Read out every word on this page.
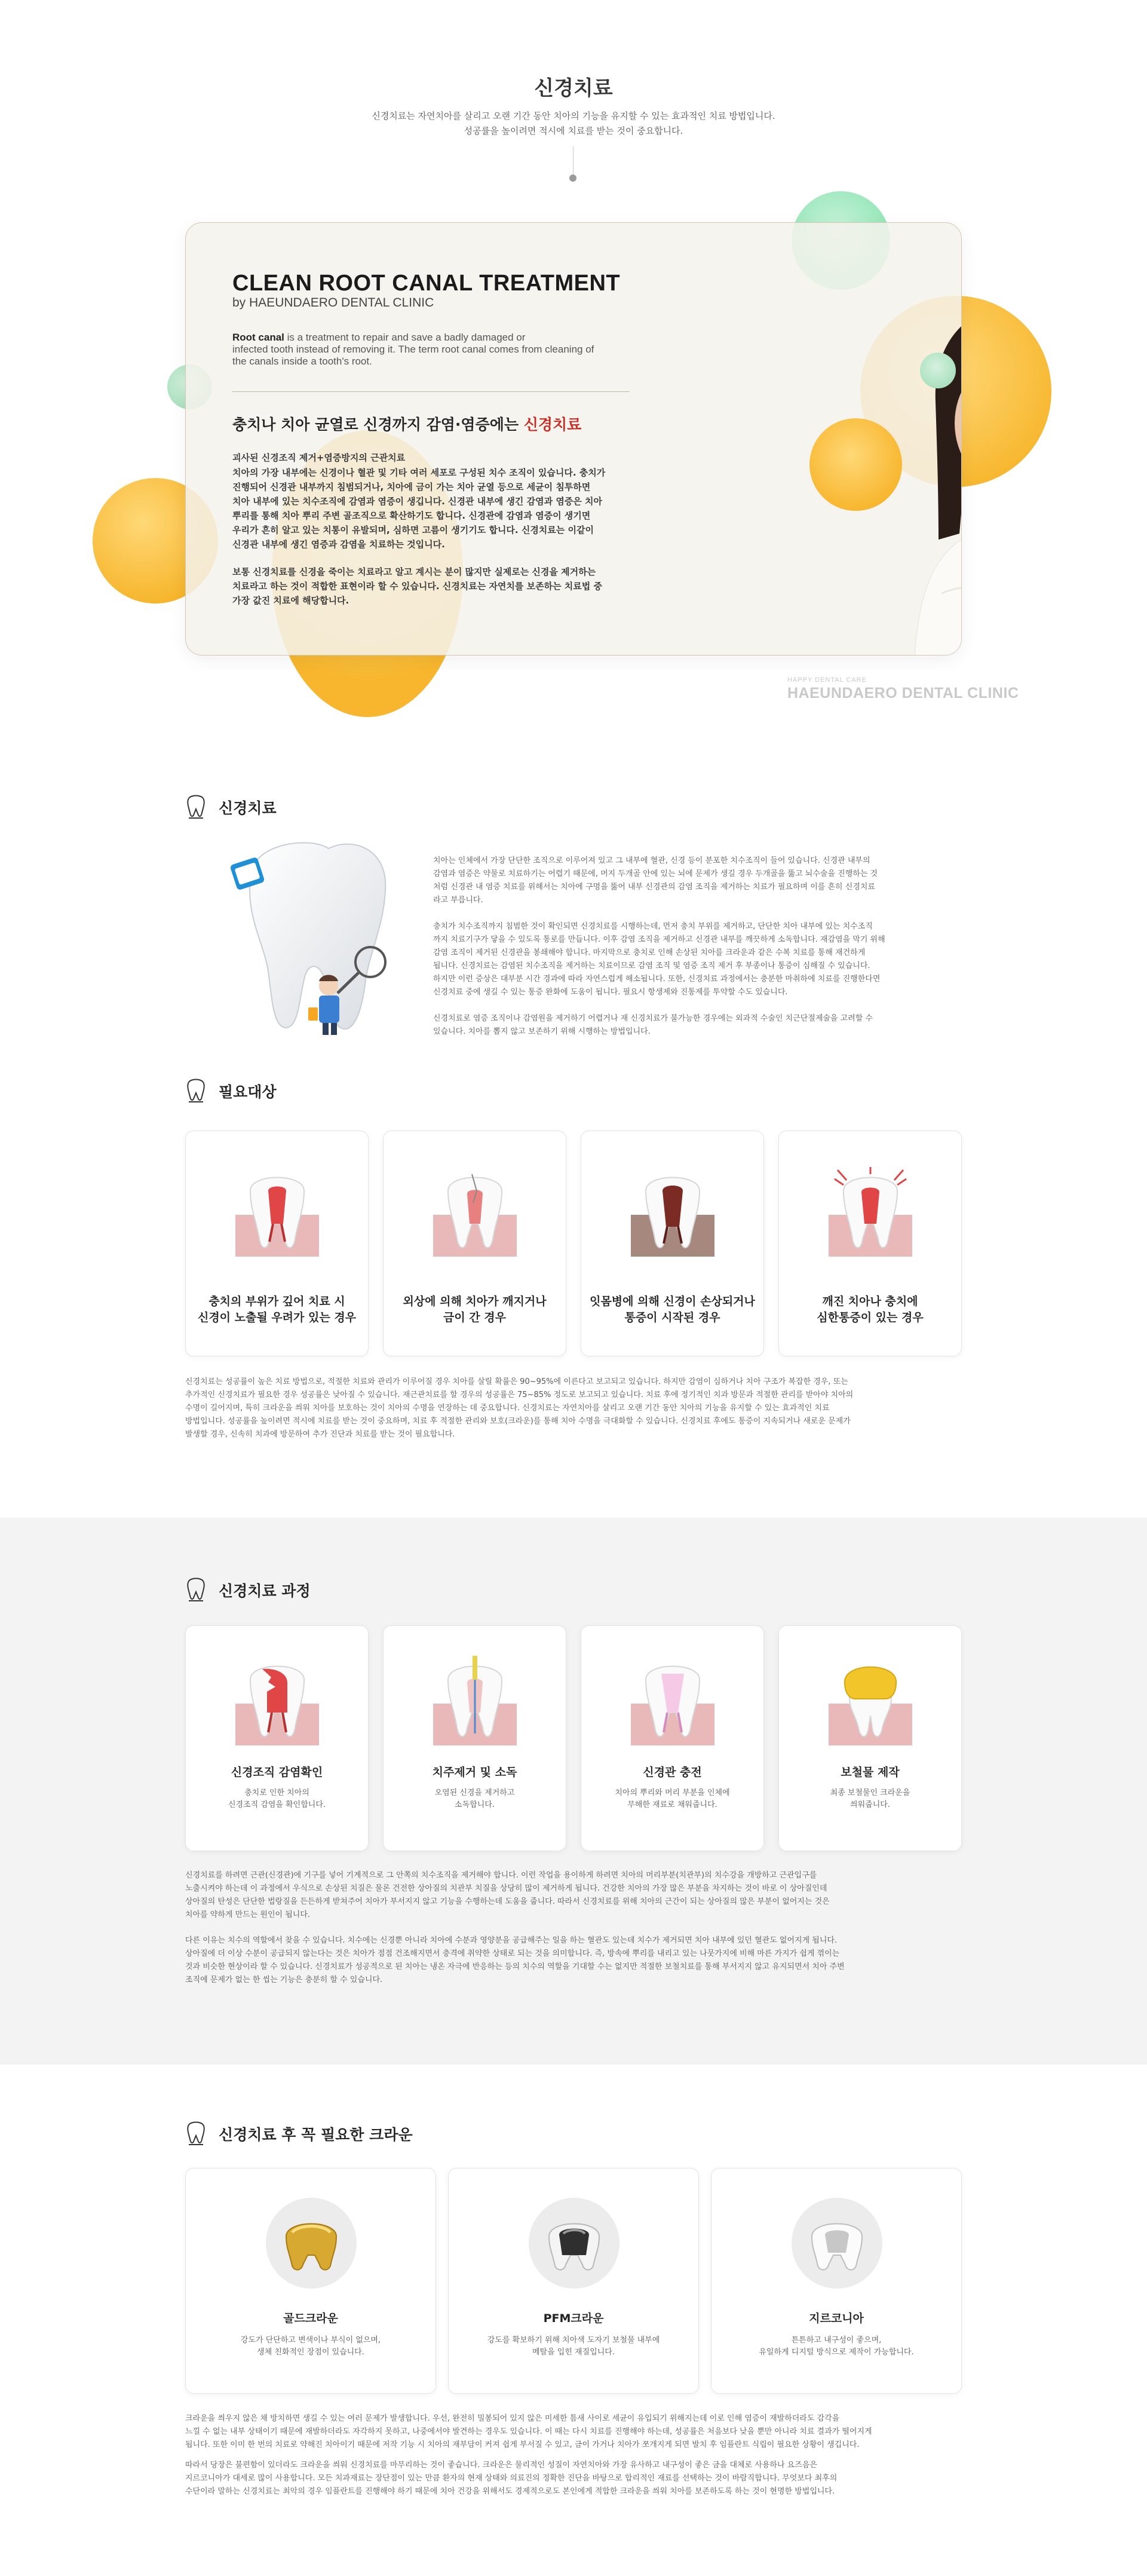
신경치료
신경치료는 자연치아를 살리고 오랜 기간 동안 치아의 기능을 유지할 수 있는 효과적인 치료 방법입니다.
성공률을 높이려면 적시에 치료를 받는 것이 중요합니다.
CLEAN ROOT CANAL TREATMENT
by HAEUNDAERO DENTAL CLINIC
Root canal is a treatment to repair and save a badly damaged or
infected tooth instead of removing it. The term root canal comes from cleaning of
the canals inside a tooth's root.
충치나 치아 균열로 신경까지 감염·염증에는 신경치료
괴사된 신경조직 제거+염증방지의 근관치료
치아의 가장 내부에는 신경이나 혈관 및 기타 여러 세포로 구성된 치수 조직이 있습니다. 충치가
진행되어 신경관 내부까지 침범되거나, 치아에 금이 가는 치아 균열 등으로 세균이 침투하면
치아 내부에 있는 치수조직에 감염과 염증이 생깁니다. 신경관 내부에 생긴 감염과 염증은 치아
뿌리를 통해 치아 뿌리 주변 골조직으로 확산하기도 합니다. 신경관에 감염과 염증이 생기면
우리가 흔히 알고 있는 치통이 유발되며, 심하면 고름이 생기기도 합니다. 신경치료는 이같이
신경관 내부에 생긴 염증과 감염을 치료하는 것입니다.
보통 신경치료를 신경을 죽이는 치료라고 알고 계시는 분이 많지만 실제로는 신경을 제거하는
치료라고 하는 것이 적합한 표현이라 할 수 있습니다. 신경치료는 자연치를 보존하는 치료법 중
가장 값진 치료에 해당합니다.
HAPPY DENTAL CARE
HAEUNDAERO DENTAL CLINIC
신경치료

치아는 인체에서 가장 단단한 조직으로 이루어져 있고 그 내부에 혈관, 신경 등이 분포한 치수조직이 들어 있습니다. 신경관 내부의
감염과 염증은 약물로 치료하기는 어렵기 때문에, 머지 두개골 안에 있는 뇌에 문제가 생길 경우 두개골을 뚫고 뇌수술을 진행하는 것
처럼 신경관 내 염증 치료를 위해서는 치아에 구멍을 뚫어 내부 신경관의 감염 조직을 제거하는 치료가 필요하며 이를 흔히 신경치료
라고 부릅니다.

충치가 치수조직까지 침범한 것이 확인되면 신경치료를 시행하는데, 먼저 충치 부위를 제거하고, 단단한 치아 내부에 있는 치수조직
까지 치료기구가 닿을 수 있도록 통로를 만듭니다. 이후 감염 조직을 제거하고 신경관 내부를 깨끗하게 소독합니다. 재감염을 막기 위해
감염 조직이 제거된 신경관을 봉쇄해야 합니다. 마지막으로 충치로 인해 손상된 치아를 크라운과 같은 수복 치료를 통해 재건하게
됩니다. 신경치료는 감염된 치수조직을 제거하는 치료이므로 감염 조직 및 염증 조직 제거 후 부종이나 통증이 심해질 수 있습니다.
하지만 이런 증상은 대부분 시간 경과에 따라 자연스럽게 해소됩니다. 또한, 신경치료 과정에서는 충분한 마취하에 치료를 진행한다면
신경치료 중에 생길 수 있는 통증 완화에 도움이 됩니다. 필요시 항생제와 진통제를 투약할 수도 있습니다.

신경치료로 염증 조직이나 감염원을 제거하기 어렵거나 재 신경치료가 불가능한 경우에는 외과적 수술인 치근단절제술을 고려할 수
있습니다. 치아를 뽑지 않고 보존하기 위해 시행하는 방법입니다.

필요대상
충치의 부위가 깊어 치료 시
신경이 노출될 우려가 있는 경우
외상에 의해 치아가 깨지거나
금이 간 경우
잇몸병에 의해 신경이 손상되거나
통증이 시작된 경우
깨진 치아나 충치에
심한통증이 있는 경우
신경치료는 성공률이 높은 치료 방법으로, 적절한 치료와 관리가 이루어질 경우 치아를 살릴 확률은 90~95%에 이른다고 보고되고 있습니다. 하지만 감염이 심하거나 치아 구조가 복잡한 경우, 또는
추가적인 신경치료가 필요한 경우 성공률은 낮아질 수 있습니다. 재근관치료를 할 경우의 성공률은 75~85% 정도로 보고되고 있습니다. 치료 후에 정기적인 치과 방문과 적절한 관리를 받아야 치아의
수명이 길어지며, 특히 크라운을 씌워 치아를 보호하는 것이 치아의 수명을 연장하는 데 중요합니다. 신경치료는 자연치아를 살리고 오랜 기간 동안 치아의 기능을 유지할 수 있는 효과적인 치료
방법입니다. 성공률을 높이려면 적시에 치료를 받는 것이 중요하며, 치료 후 적절한 관리와 보호(크라운)를 통해 치아 수명을 극대화할 수 있습니다. 신경치료 후에도 통증이 지속되거나 새로운 문제가
발생할 경우, 신속히 치과에 방문하여 추가 진단과 치료를 받는 것이 필요합니다.
신경치료 과정
신경조직 감염확인
충치로 인한 치아의
신경조직 감염을 확인합니다.
치주제거 및 소독
오염된 신경을 제거하고
소독합니다.
신경관 충전
치아의 뿌리와 머리 부분을 인체에
무해한 재료로 채워줍니다.
보철물 제작
최종 보철물인 크라운을
씌워줍니다.
신경치료를 하려면 근관(신경관)에 기구를 넣어 기계적으로 그 안쪽의 치수조직을 제거해야 합니다. 이런 작업을 용이하게 하려면 치아의 머리부분(치관부)의 치수강을 개방하고 근관입구를
노출시켜야 하는데 이 과정에서 우식으로 손상된 치질은 물론 건전한 상아질의 치관부 치질을 상당히 많이 제거하게 됩니다. 건강한 치아의 가장 많은 부분을 차지하는 것이 바로 이 상아질인데
상아질의 탄성은 단단한 법랑질을 든든하게 받쳐주어 치아가 부서지지 않고 기능을 수행하는데 도움을 줍니다. 따라서 신경치료를 위해 치아의 근간이 되는 상아질의 많은 부분이 없어지는 것은
치아를 약하게 만드는 원인이 됩니다.
다른 이유는 치수의 역할에서 찾을 수 있습니다. 치수에는 신경뿐 아니라 치아에 수분과 영양분을 공급해주는 일을 하는 혈관도 있는데 치수가 제거되면 치아 내부에 있던 혈관도 없어지게 됩니다.
상아질에 더 이상 수분이 공급되지 않는다는 것은 치아가 점점 건조해지면서 충격에 취약한 상태로 되는 것을 의미합니다. 즉, 방속에 뿌리를 내리고 있는 나뭇가지에 비해 마른 가지가 쉽게 꺾이는
것과 비슷한 현상이라 할 수 있습니다. 신경치료가 성공적으로 된 치아는 냉온 자극에 반응하는 등의 치수의 역할을 기대할 수는 없지만 적절한 보철치료를 통해 부서지지 않고 유지되면서 치아 주변
조직에 문제가 없는 한 씹는 기능은 충분히 할 수 있습니다.
신경치료 후 꼭 필요한 크라운
골드크라운
강도가 단단하고 변색이나 부식이 없으며,
생체 친화적인 장점이 있습니다.
PFM크라운
강도를 확보하기 위해 치아색 도자기 보철물 내부에
메탈을 입힌 재질입니다.
지르코니아
튼튼하고 내구성이 좋으며,
유일하게 디지털 방식으로 제작이 가능합니다.
크라운을 씌우지 않은 채 방치하면 생길 수 있는 여러 문제가 발생합니다. 우선, 완전히 밀봉되어 있지 않은 미세한 틈새 사이로 세균이 유입되기 위해지는데 이로 인해 염증이 재발하더라도 감각을
느낄 수 없는 내부 상태이기 때문에 재발하더라도 자각하지 못하고, 나중에서야 발견하는 경우도 있습니다. 이 때는 다시 치료를 진행해야 하는데, 성공률은 처음보다 낮을 뿐만 아니라 치료 결과가 떨어지게
됩니다. 또한 이미 한 번의 치료로 약해진 치아이기 때문에 저작 기능 시 치아의 재부담이 커져 쉽게 부서질 수 있고, 금이 가거나 치아가 쪼개지게 되면 발치 후 임플란트 식립이 필요한 상황이 생깁니다.
따라서 당장은 불편함이 있더라도 크라운을 씌워 신경치료를 마무리하는 것이 좋습니다. 크라운은 물리적인 성질이 자연치아와 가장 유사하고 내구성이 좋은 금을 대체로 사용하나 요즈음은
지르코니아가 대세로 많이 사용합니다. 모든 치과재료는 장단점이 있는 만큼 환자의 현재 상태와 의료진의 정확한 진단을 바탕으로 합리적인 재료를 선택하는 것이 바람직합니다. 무엇보다 최후의
수단이라 말하는 신경치료는 최악의 경우 임플란트를 진행해야 하기 때문에 치아 건강을 위해서도 경제적으로도 본인에게 적합한 크라운을 씌워 치아를 보존하도록 하는 것이 현명한 방법입니다.
